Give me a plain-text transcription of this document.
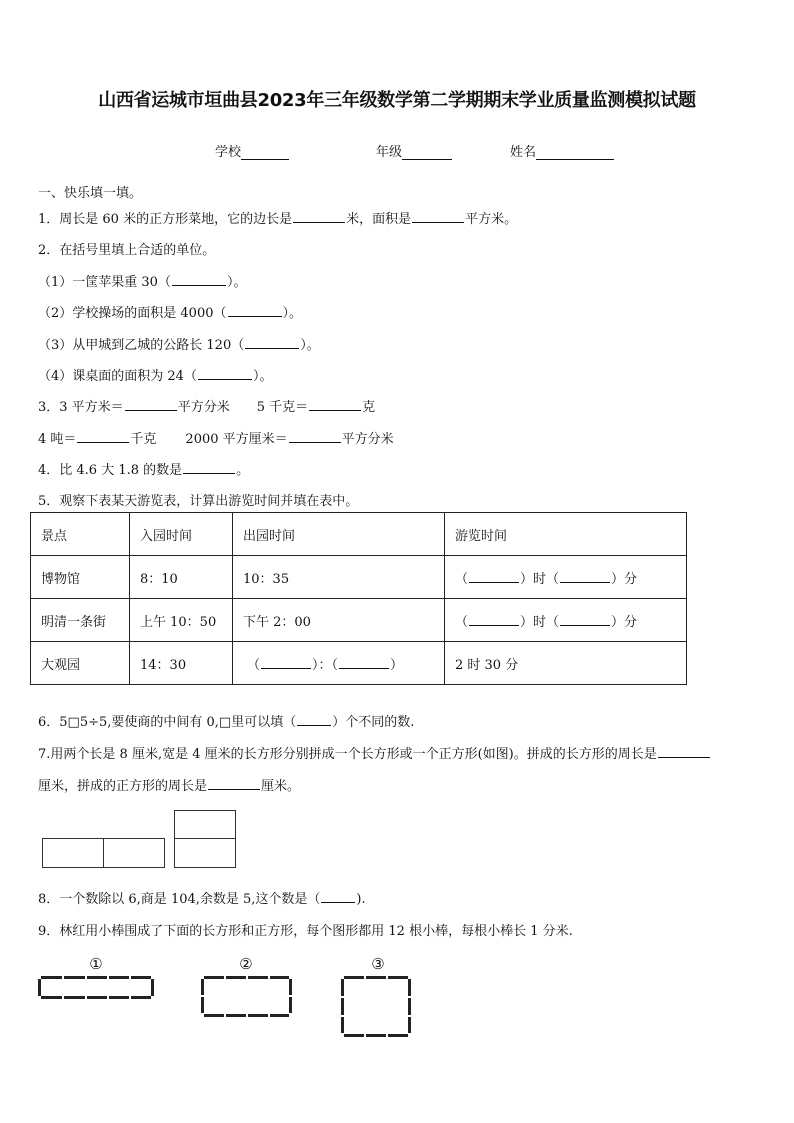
山西省运城市垣曲县2023年三年级数学第二学期期末学业质量监测模拟试题
学校	年级	姓名
一、快乐填一填。
1．周长是 60 米的正方形菜地，它的边长是	米，面积是	平方米。
2．在括号里填上合适的单位。
（1）一筐苹果重 30（	）。
（2）学校操场的面积是 4000（	）。
（3）从甲城到乙城的公路长 120（	）。
（4）课桌面的面积为 24（	）。
3．3 平方米＝	平方分米 5 千克＝	克
4 吨＝	千克 2000 平方厘米＝	平方分米
4．比 4.6 大 1.8 的数是	。
5．观察下表某天游览表，计算出游览时间并填在表中。
景点	入园时间	出园时间	游览时间
博物馆	8：10	10：35	（ ）时（ ）分
明清一条街	上午 10：50	下午 2：00	（ ）时（ ）分
大观园	14：30	（ ）：（ ）	2 时 30 分
6．5□5÷5,要使商的中间有 0,□里可以填（	）个不同的数.
7.用两个长是 8 厘米,宽是 4 厘米的长方形分别拼成一个长方形或一个正方形(如图)。拼成的长方形的周长是
厘米，拼成的正方形的周长是	厘米。
8．一个数除以 6,商是 104,余数是 5,这个数是（	).
9．林红用小棒围成了下面的长方形和正方形，每个图形都用 12 根小棒，每根小棒长 1 分米.
①	②	③
